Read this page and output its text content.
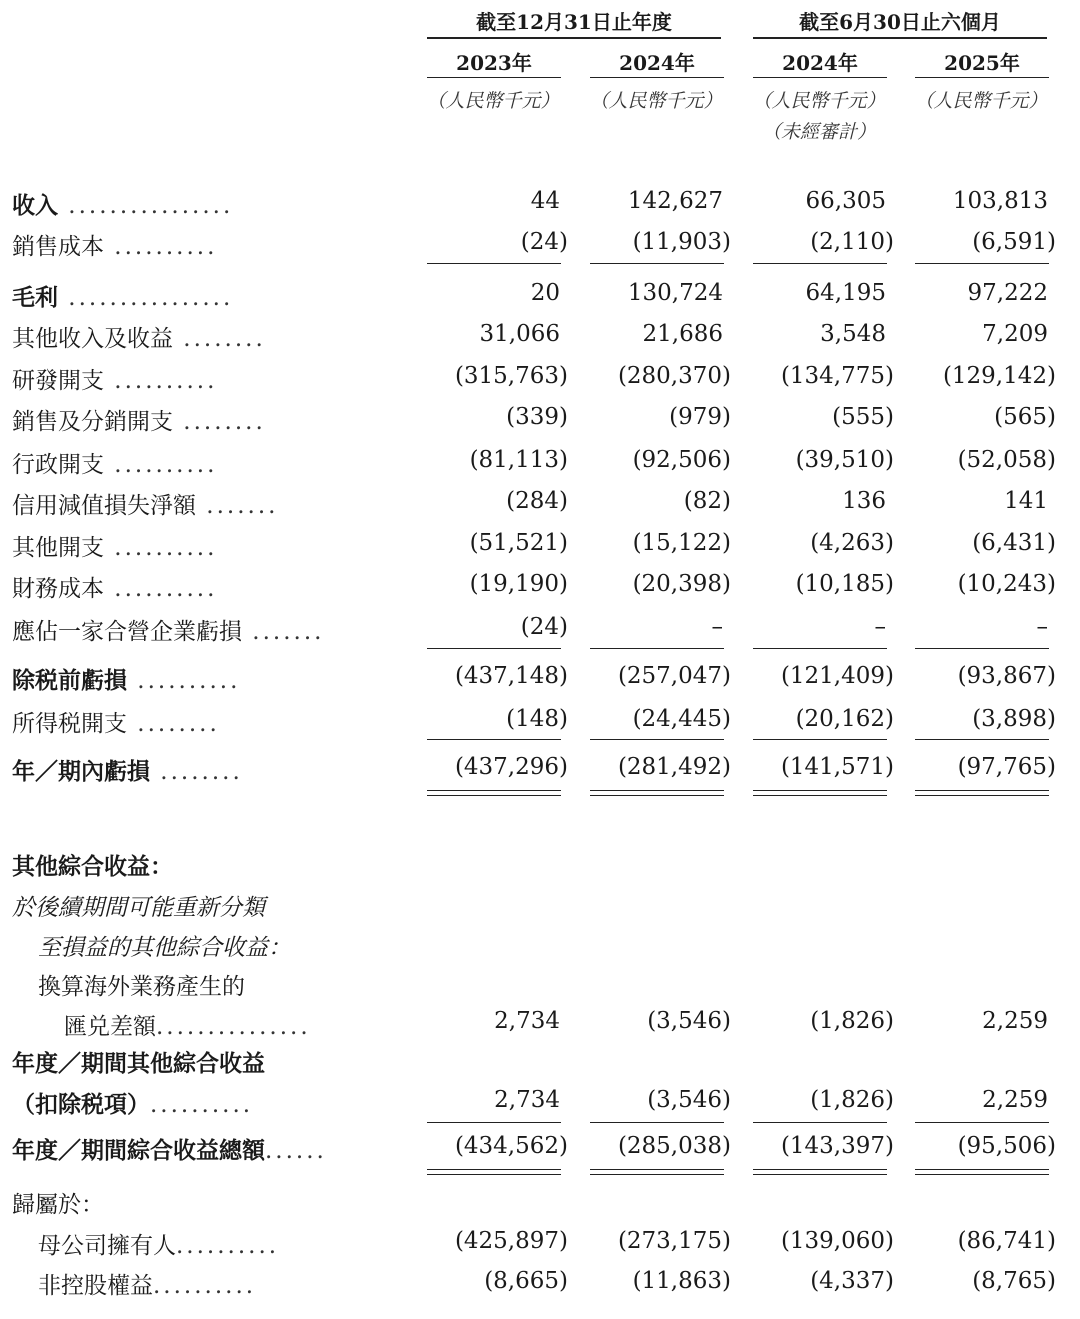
截至12月31日止年度	截至6月30日止六個月
2023年	2024年	2024年	2025年
（人民幣千元）	（人民幣千元）	（人民幣千元）	（人民幣千元）
（未經審計）
收入 ................	44	142,627	66,305	103,813
銷售成本 ..........	(24)	(11,903)	(2,110)	(6,591)
毛利 ................	20	130,724	64,195	97,222
其他收入及收益 ........	31,066	21,686	3,548	7,209
研發開支 ..........	(315,763) (280,370) (134,775) (129,142)
銷售及分銷開支 ........	(339)	(979)	(555)	(565)
行政開支 ..........	(81,113)	(92,506)	(39,510)	(52,058)
信用減值損失淨額 .......	(284)	(82)	136	141
其他開支 ..........	(51,521)	(15,122)	(4,263)	(6,431)
財務成本 ..........	(19,190)	(20,398)	(10,185)	(10,243)
應佔一家合營企業虧損 .......	(24)	–	–	–
除税前虧損 ..........	(437,148) (257,047) (121,409)	(93,867)
所得税開支 ........	(148)	(24,445)	(20,162)	(3,898)
年／期內虧損 ........	(437,296) (281,492) (141,571)	(97,765)
其他綜合收益：
於後續期間可能重新分類
至損益的其他綜合收益：
換算海外業務產生的
匯兑差額...............	2,734	(3,546)	(1,826)	2,259
年度／期間其他綜合收益
（扣除税項）..........	2,734	(3,546)	(1,826)	2,259
年度／期間綜合收益總額......	(434,562) (285,038) (143,397)	(95,506)
歸屬於：
母公司擁有人..........	(425,897) (273,175) (139,060)	(86,741)
非控股權益..........	(8,665)	(11,863)	(4,337)	(8,765)
